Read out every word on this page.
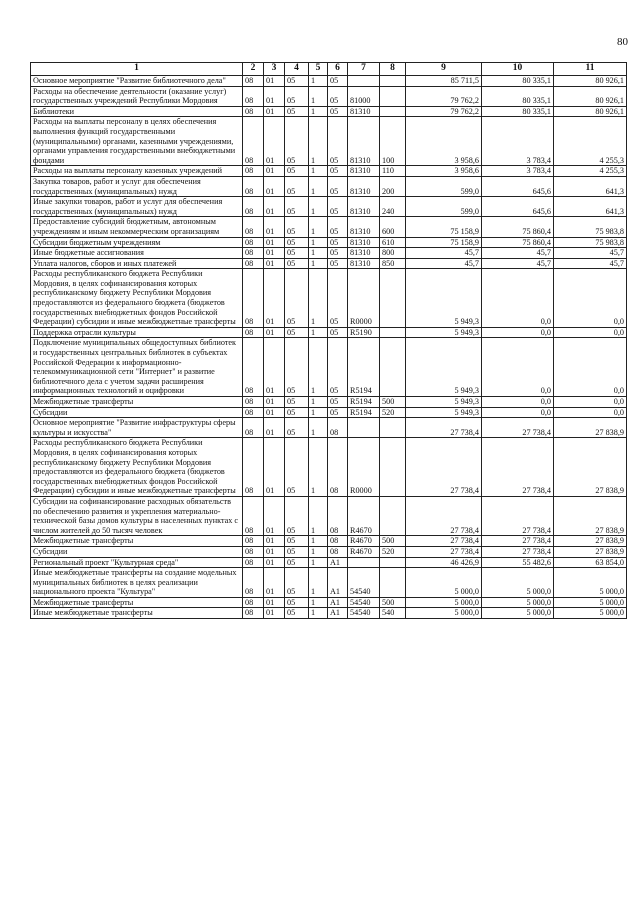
80
1	2	3	4	5	6	7	8	9	10	11
Основное мероприятие "Развитие библиотечного дела"	08	01	05	1	05			85 711,5	80 335,1	80 926,1
Расходы на обеспечение деятельности (оказание услуг) государственных учреждений Республики Мордовия	08	01	05	1	05	81000		79 762,2	80 335,1	80 926,1
Библиотеки	08	01	05	1	05	81310		79 762,2	80 335,1	80 926,1
Расходы на выплаты персоналу в целях обеспечения выполнения функций государственными (муниципальными) органами, казенными учреждениями, органами управления государственными внебюджетными фондами	08	01	05	1	05	81310	100	3 958,6	3 783,4	4 255,3
Расходы на выплаты персоналу казенных учреждений	08	01	05	1	05	81310	110	3 958,6	3 783,4	4 255,3
Закупка товаров, работ и услуг для обеспечения государственных (муниципальных) нужд	08	01	05	1	05	81310	200	599,0	645,6	641,3
Иные закупки товаров, работ и услуг для обеспечения государственных (муниципальных) нужд	08	01	05	1	05	81310	240	599,0	645,6	641,3
Предоставление субсидий бюджетным, автономным учреждениям и иным некоммерческим организациям	08	01	05	1	05	81310	600	75 158,9	75 860,4	75 983,8
Субсидии бюджетным учреждениям	08	01	05	1	05	81310	610	75 158,9	75 860,4	75 983,8
Иные бюджетные ассигнования	08	01	05	1	05	81310	800	45,7	45,7	45,7
Уплата налогов, сборов и иных платежей	08	01	05	1	05	81310	850	45,7	45,7	45,7
Расходы республиканского бюджета Республики Мордовия, в целях софинансирования которых республиканскому бюджету Республики Мордовия предоставляются из федерального бюджета (бюджетов государственных внебюджетных фондов Российской Федерации) субсидии и иные межбюджетные трансферты	08	01	05	1	05	R0000		5 949,3	0,0	0,0
Поддержка отрасли культуры	08	01	05	1	05	R5190		5 949,3	0,0	0,0
Подключение муниципальных общедоступных библиотек и государственных центральных библиотек в субъектах Российской Федерации к информационно-телекоммуникационной сети "Интернет" и развитие библиотечного дела с учетом задачи расширения информационных технологий и оцифровки	08	01	05	1	05	R5194		5 949,3	0,0	0,0
Межбюджетные трансферты	08	01	05	1	05	R5194	500	5 949,3	0,0	0,0
Субсидии	08	01	05	1	05	R5194	520	5 949,3	0,0	0,0
Основное мероприятие "Развитие инфраструктуры сферы культуры и искусства"	08	01	05	1	08			27 738,4	27 738,4	27 838,9
Расходы республиканского бюджета Республики Мордовия, в целях софинансирования которых республиканскому бюджету Республики Мордовия предоставляются из федерального бюджета (бюджетов государственных внебюджетных фондов Российской Федерации) субсидии и иные межбюджетные трансферты	08	01	05	1	08	R0000		27 738,4	27 738,4	27 838,9
Субсидии на софинансирование расходных обязательств по обеспечению развития и укрепления материально-технической базы домов культуры в населенных пунктах с числом жителей до 50 тысяч человек	08	01	05	1	08	R4670		27 738,4	27 738,4	27 838,9
Межбюджетные трансферты	08	01	05	1	08	R4670	500	27 738,4	27 738,4	27 838,9
Субсидии	08	01	05	1	08	R4670	520	27 738,4	27 738,4	27 838,9
Региональный проект "Культурная среда"	08	01	05	1	A1			46 426,9	55 482,6	63 854,0
Иные межбюджетные трансферты на создание модельных муниципальных библиотек в целях реализации национального проекта "Культура"	08	01	05	1	A1	54540		5 000,0	5 000,0	5 000,0
Межбюджетные трансферты	08	01	05	1	A1	54540	500	5 000,0	5 000,0	5 000,0
Иные межбюджетные трансферты	08	01	05	1	A1	54540	540	5 000,0	5 000,0	5 000,0
